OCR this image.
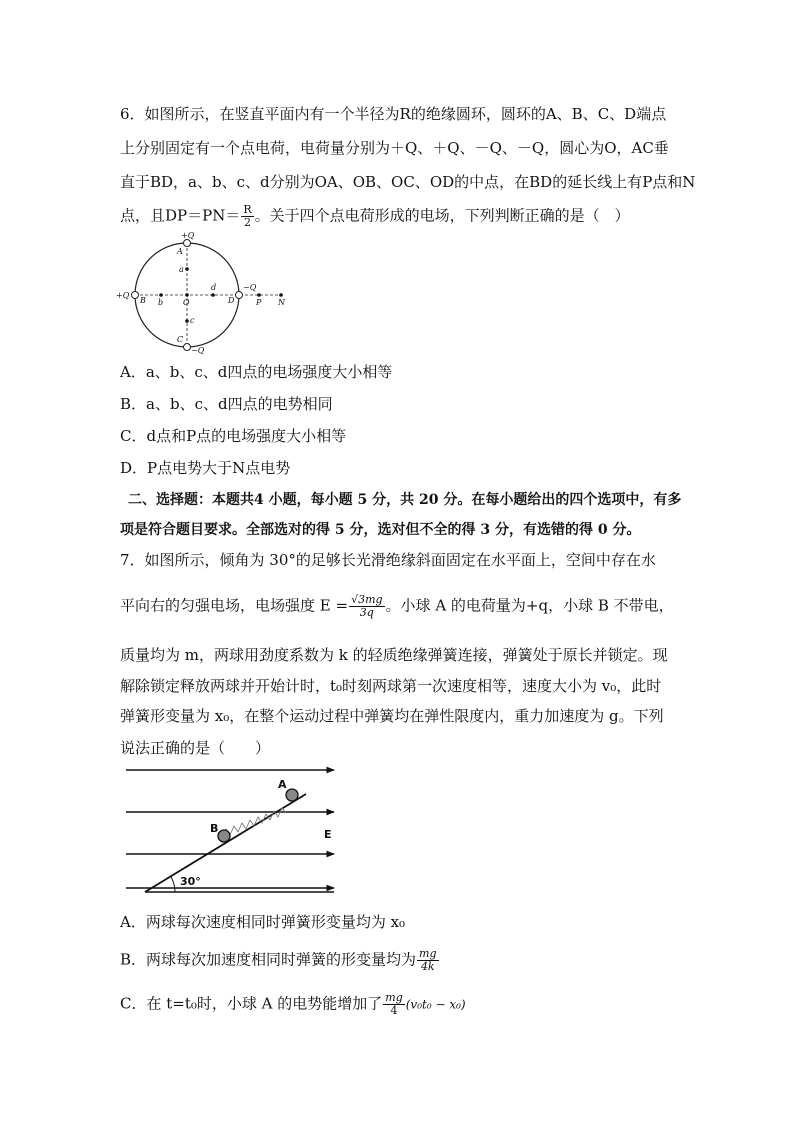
6．如图所示，在竖直平面内有一个半径为R的绝缘圆环，圆环的A、B、C、D端点
上分别固定有一个点电荷，电荷量分别为＋Q、＋Q、－Q、－Q，圆心为O，AC垂
直于BD，a、b、c、d分别为OA、OB、OC、OD的中点，在BD的延长线上有P点和N
点，且$DP=PN= \frac{R}{2}$ 。关于四个点电荷形成的电场，下列判断正确的是（　）
+Q
A
+Q
B
−Q
D
C
−Q
a
b
c
d
O	P N
A．a、b、c、d四点的电场强度大小相等
B．a、b、c、d四点的电势相同
C．d点和P点的电场强度大小相等
D．P点电势大于N点电势
二、选择题：本题共4 小题，每小题 5 分，共 20 分。在每小题给出的四个选项中，有多
项是符合题目要求。全部选对的得 5 分，选对但不全的得 3 分，有选错的得 0 分。
7．如图所示，倾角为 30°的足够长光滑绝缘斜面固定在水平面上，空间中存在水
平向右的匀强电场，电场强度 $E = \frac{√3mg}{3q}$ 。小球 A 的电荷量为+q，小球 B 不带电，
质量均为 m，两球用劲度系数为 k 的轻质绝缘弹簧连接，弹簧处于原长并锁定。现
解除锁定释放两球并开始计时，t₀时刻两球第一次速度相等，速度大小为 v₀，此时
弹簧形变量为 x₀，在整个运动过程中弹簧均在弹性限度内，重力加速度为 g。下列
说法正确的是（　　）
A
B	E
30°
A．两球每次速度相同时弹簧形变量均为 x₀
B．两球每次加速度相同时弹簧的形变量均为 $\frac{mg}{4k}$
C．在 t=t₀时，小球 A 的电势能增加了 $\frac{mg}{4} (v_0t_0 - x_0)$
